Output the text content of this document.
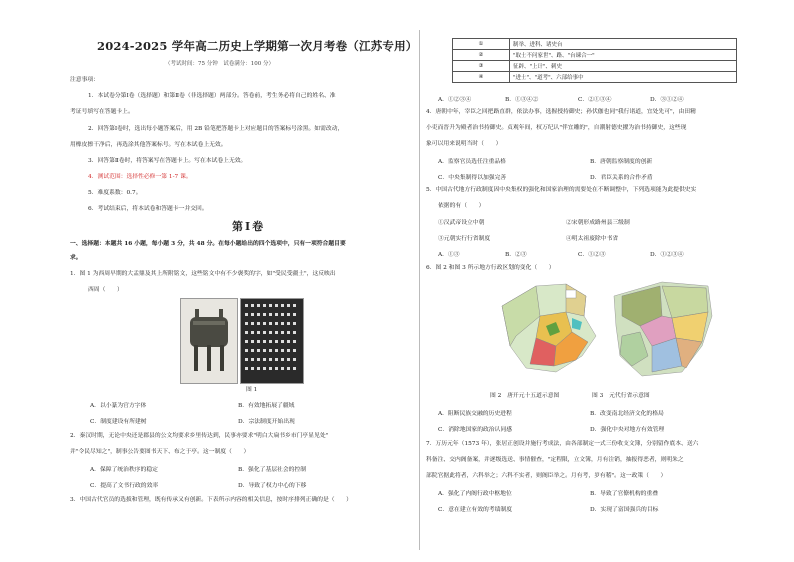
2024-2025 学年高二历史上学期第一次月考卷（江苏专用）
（考试时间：75 分钟　试卷满分：100 分）
注意事项：
1．本试卷分第Ⅰ卷（选择题）和第Ⅱ卷（非选择题）两部分。答卷前，考生务必将自己的姓名、准
考证号填写在答题卡上。
2．回答第Ⅰ卷时，选出每小题答案后，用 2B 铅笔把答题卡上对应题目的答案标号涂黑。如需改动，
用橡皮擦干净后，再选涂其他答案标号。写在本试卷上无效。
3．回答第Ⅱ卷时，将答案写在答题卡上。写在本试卷上无效。
4．测试范围：选择性必修一第 1-7 课。
5．难度系数：0.7。
6．考试结束后，将本试卷和答题卡一并交回。
第Ⅰ卷
一、选择题：本题共 16 小题，每小题 3 分，共 48 分。在每小题给出的四个选项中，只有一项符合题目要
求。
1．图 1 为西周早期的大盂鼎及其上所附铭文，这些铭文中有不少褒奖的字，如"受民受疆土"，这反映出
西周（　　）
图 1
A．以小篆为官方字体	B．有效地拓展了疆域
C．制度建设有所建树	D．宗法制度开始出现
2．秦汉时期，无论中央还是郡县的公文均要求乡里传达到，民事亦要求"明白大扁书乡市门亭显见处"
并"令民尽知之"，制事公告要图书天下、布之于亭。这一制度（　　）
A．保障了统治秩序的稳定	B．强化了基层社会的控制
C．提高了文书行政的效率	D．导致了权力中心的下移
3．中国古代官员的选拔和管理，既有传承又有创新。下表所示内容的相关信息，按时序排列正确的是（　　）
①	制举、进科、诸史台
②	"取士不问家世"、路、"台谏合一"
③	征辟、"上计"、刺史
④	"进士"、"道考"、六部给事中
A．①②③④	B．①③④②	C．②①③④	D．③①②④
4．唐朝中年，宰臣之回把路直群，依法办事，选握授持御史；孙伏伽也同"我行诸道，宜处先可"，由田精
小吏而晋升为殿者治书持御史。贞观年间，权万纪认"伴宜雕的"，自潮射德史擢为治书持御史，这些现
象可以用来说明当时（　　）
A．监察官员选任注重品格	B．唐朝监察制度的创新
C．中央集制得以加强完善	D．君臣关系的合作矛盾
5．中国古代地方行政制度因中央集权的强化和国家治理的需要处在不断调整中，下列选项能为此提供史实
依据的有（　　）
①汉武帝设立中朝	②宋朝形成路州县三级制
③元朝实行行省制度	④明太祖废除中书省
A．①③	B．②③	C．①②③	D．①②③④
6．图 2 和图 3 所示地方行政区划的变化（　　）
图 2　唐开元十五道示意图	图 3　元代行省示意图
A．阻断民族交融的历史进程	B．改变南北经济文化的格局
C．消除地国家的政治认同感	D．强化中央对地方有效管理
7．万历元年（1573 年），张居正创设并施行考成法，由各部制定一式三份收支文簿，分别留作底本、送六
科备注、交内阁备案，并逐级选送、事情催查，"定程限，立文簿，月有注销，抽报得恶者，则明朱之
部院官据此将者，六科举之；六科不实者，则阁臣举之。月有考，岁有稽"。这一政策（　　）
A．强化了内阁行政中枢地位	B．导致了官僚机构的重叠
C．意在建立有效的考绩制度	D．实现了富国强兵的目标
